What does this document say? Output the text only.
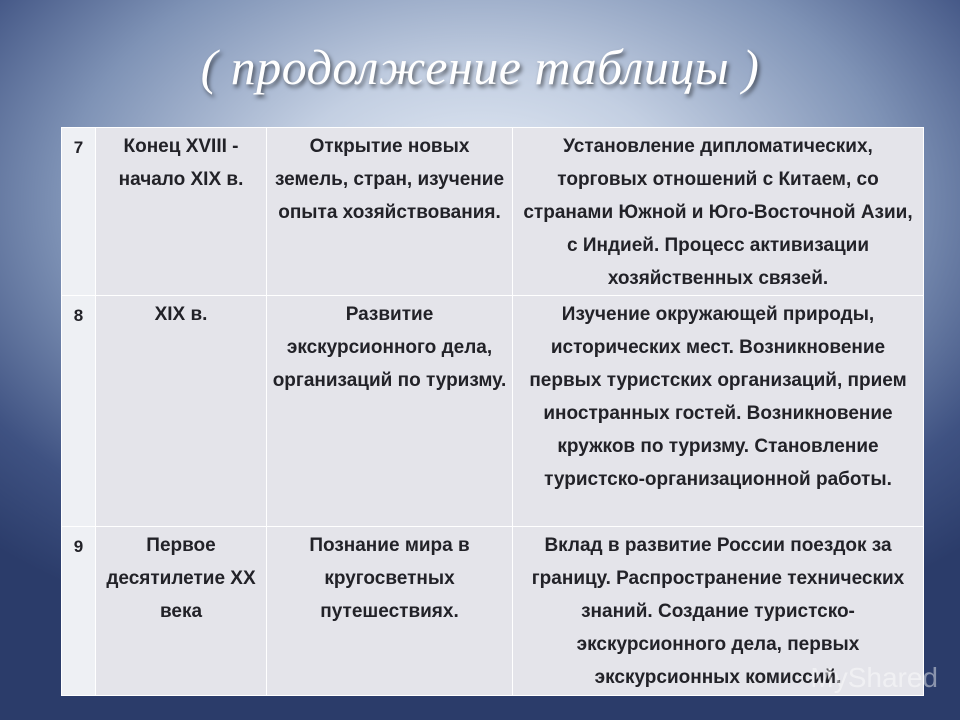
( продолжение таблицы )
7	Конец XVIII - начало XIX в.	Открытие новых земель, стран, изучение опыта хозяйствования.	Установление дипломатических, торговых отношений с Китаем, со странами Южной и Юго-Восточной Азии, с Индией. Процесс активизации хозяйственных связей.
8	XIX в.	Развитие экскурсионного дела, организаций по туризму.	Изучение окружающей природы, исторических мест. Возникновение первых туристских организаций, прием иностранных гостей. Возникновение кружков по туризму. Становление туристско-организационной работы.
9	Первое десятилетие XX века	Познание мира в кругосветных путешествиях.	Вклад в развитие России поездок за границу. Распространение технических знаний. Создание туристско-экскурсионного дела, первых экскурсионных комиссий.
MyShared
